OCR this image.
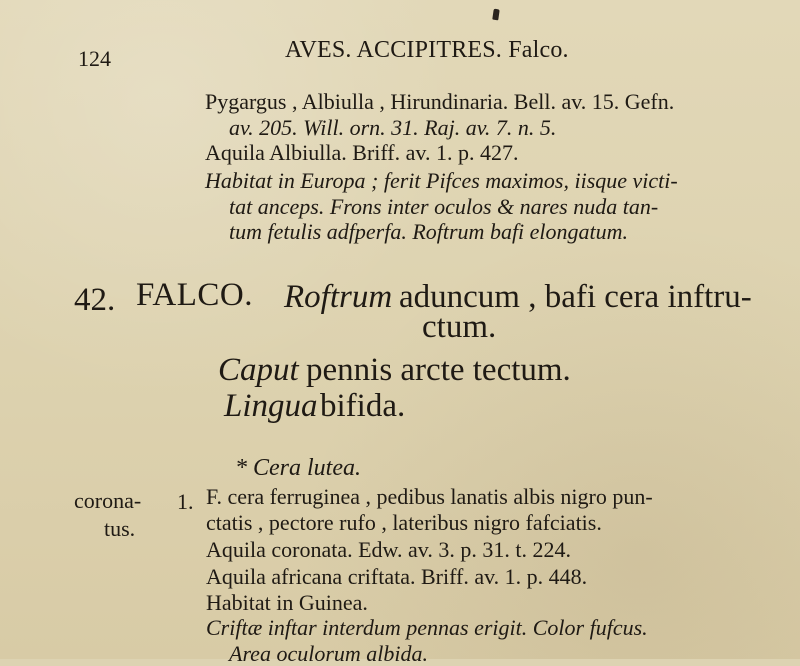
124	AVES. ACCIPITRES. Falco.
Pygargus , Albiulla , Hirundinaria. Bell. av. 15. Gefn.
av. 205. Will. orn. 31. Raj. av. 7. n. 5.
Aquila Albiulla. Briff. av. 1. p. 427.
Habitat in Europa ; ferit Pifces maximos, iisque victi-
tat anceps. Frons inter oculos & nares nuda tan-
tum fetulis adfperfa. Roftrum bafi elongatum.
42. FALCO. Roftrum aduncum , bafi cera inftru-
ctum.
Caput pennis arcte tectum.
Lingua bifida.
* Cera lutea.
corona-
tus.
1. F. cera ferruginea , pedibus lanatis albis nigro pun-
ctatis , pectore rufo , lateribus nigro fafciatis.
Aquila coronata. Edw. av. 3. p. 31. t. 224.
Aquila africana criftata. Briff. av. 1. p. 448.
Habitat in Guinea.
Criftæ inftar interdum pennas erigit. Color fufcus.
Area oculorum albida.
